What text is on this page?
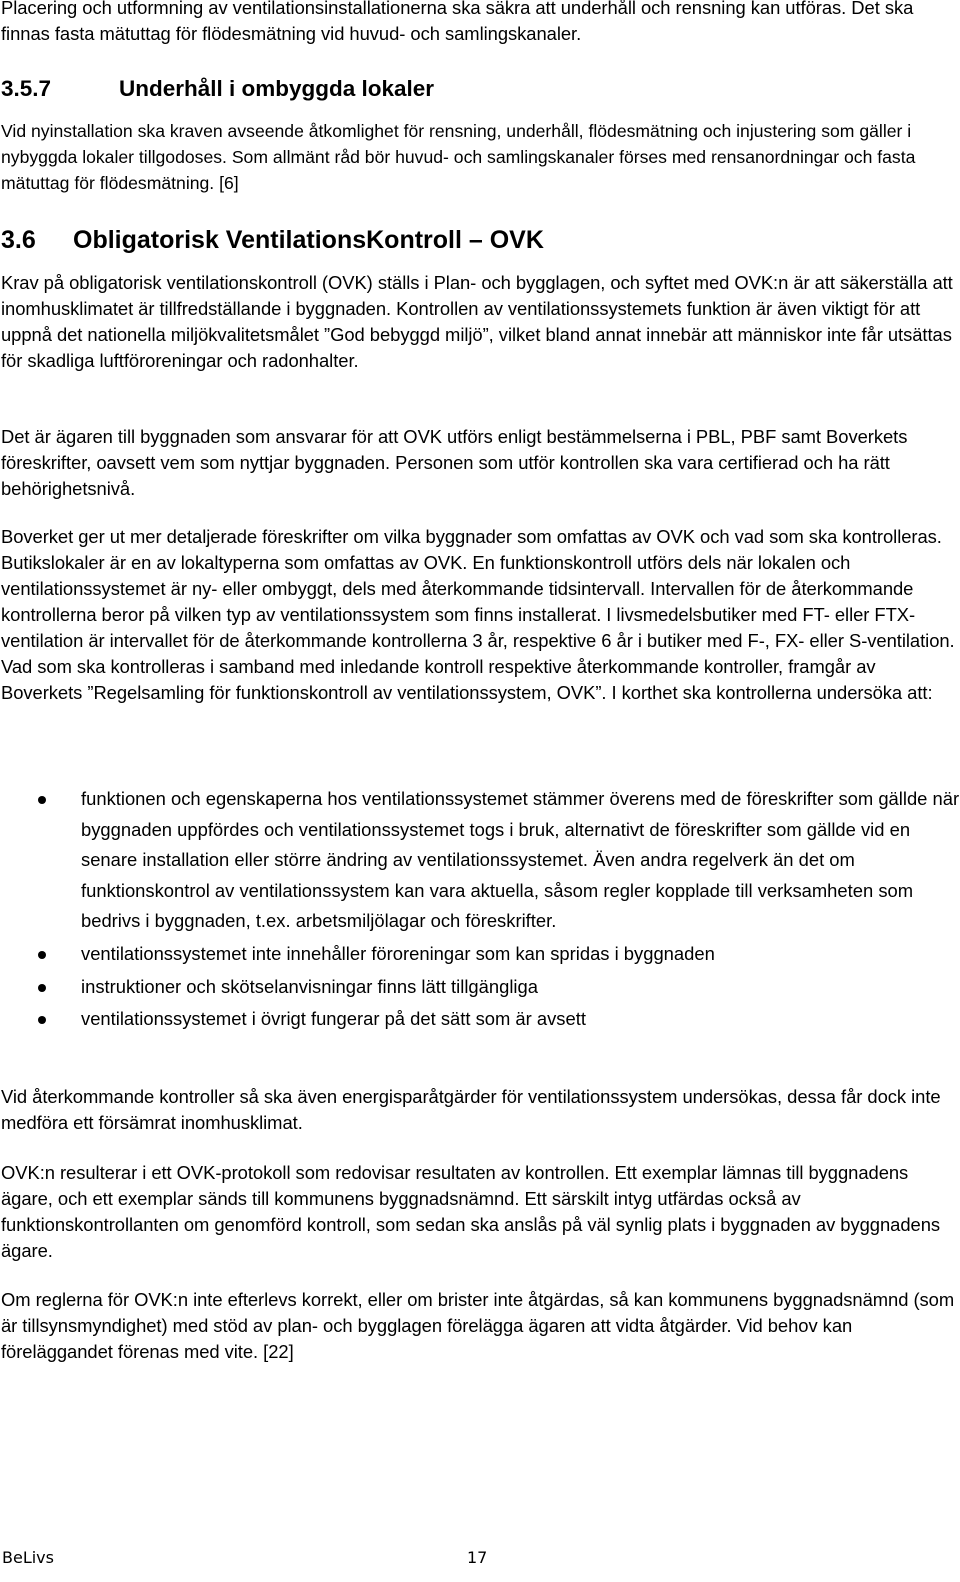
Placering och utformning av ventilationsinstallationerna ska säkra att underhåll och rensning kan utföras. Det ska finnas fasta mätuttag för flödesmätning vid huvud- och samlingskanaler.

3.5.7	Underhåll i ombyggda lokaler

Vid nyinstallation ska kraven avseende åtkomlighet för rensning, underhåll, flödesmätning och injustering som gäller i nybyggda lokaler tillgodoses. Som allmänt råd bör huvud- och samlingskanaler förses med rensanordningar och fasta mätuttag för flödesmätning. [6]

3.6 Obligatorisk VentilationsKontroll – OVK

Krav på obligatorisk ventilationskontroll (OVK) ställs i Plan- och bygglagen, och syftet med OVK:n är att säkerställa att inomhusklimatet är tillfredställande i byggnaden. Kontrollen av ventilationssystemets funktion är även viktigt för att uppnå det nationella miljökvalitetsmålet ”God bebyggd miljö”, vilket bland annat innebär att människor inte får utsättas för skadliga luftföroreningar och radonhalter.

Det är ägaren till byggnaden som ansvarar för att OVK utförs enligt bestämmelserna i PBL, PBF samt Boverkets föreskrifter, oavsett vem som nyttjar byggnaden. Personen som utför kontrollen ska vara certifierad och ha rätt behörighetsnivå.

Boverket ger ut mer detaljerade föreskrifter om vilka byggnader som omfattas av OVK och vad som ska kontrolleras. Butikslokaler är en av lokaltyperna som omfattas av OVK. En funktionskontroll utförs dels när lokalen och ventilationssystemet är ny- eller ombyggt, dels med återkommande tidsintervall. Intervallen för de återkommande kontrollerna beror på vilken typ av ventilationssystem som finns installerat. I livsmedelsbutiker med FT- eller FTX-ventilation är intervallet för de återkommande kontrollerna 3 år, respektive 6 år i butiker med F-, FX- eller S-ventilation. Vad som ska kontrolleras i samband med inledande kontroll respektive återkommande kontroller, framgår av Boverkets ”Regelsamling för funktionskontroll av ventilationssystem, OVK”. I korthet ska kontrollerna undersöka att:

funktionen och egenskaperna hos ventilationssystemet stämmer överens med de föreskrifter som gällde när byggnaden uppfördes och ventilationssystemet togs i bruk, alternativt de föreskrifter som gällde vid en senare installation eller större ändring av ventilationssystemet. Även andra regelverk än det om funktionskontrol av ventilationssystem kan vara aktuella, såsom regler kopplade till verksamheten som bedrivs i byggnaden, t.ex. arbetsmiljölagar och föreskrifter.
ventilationssystemet inte innehåller föroreningar som kan spridas i byggnaden
instruktioner och skötselanvisningar finns lätt tillgängliga
ventilationssystemet i övrigt fungerar på det sätt som är avsett

Vid återkommande kontroller så ska även energisparåtgärder för ventilationssystem undersökas, dessa får dock inte medföra ett försämrat inomhusklimat.

OVK:n resulterar i ett OVK-protokoll som redovisar resultaten av kontrollen. Ett exemplar lämnas till byggnadens ägare, och ett exemplar sänds till kommunens byggnadsnämnd. Ett särskilt intyg utfärdas också av funktionskontrollanten om genomförd kontroll, som sedan ska anslås på väl synlig plats i byggnaden av byggnadens ägare.

Om reglerna för OVK:n inte efterlevs korrekt, eller om brister inte åtgärdas, så kan kommunens byggnadsnämnd (som är tillsynsmyndighet) med stöd av plan- och bygglagen förelägga ägaren att vidta åtgärder. Vid behov kan föreläggandet förenas med vite. [22]

BeLivs	17
